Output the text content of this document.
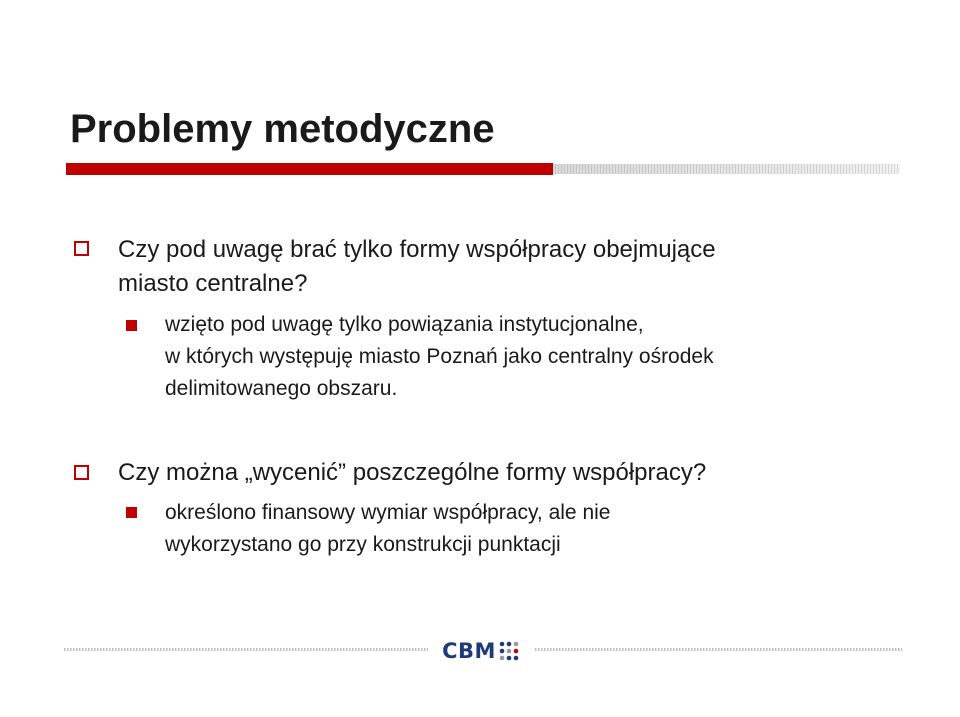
Problemy metodyczne
Czy pod uwagę brać tylko formy współpracy obejmujące
miasto centralne?
wzięto pod uwagę tylko powiązania instytucjonalne,
w których występuję miasto Poznań jako centralny ośrodek
delimitowanego obszaru.
Czy można „wycenić” poszczególne formy współpracy?
określono finansowy wymiar współpracy, ale nie
wykorzystano go przy konstrukcji punktacji
CBM
